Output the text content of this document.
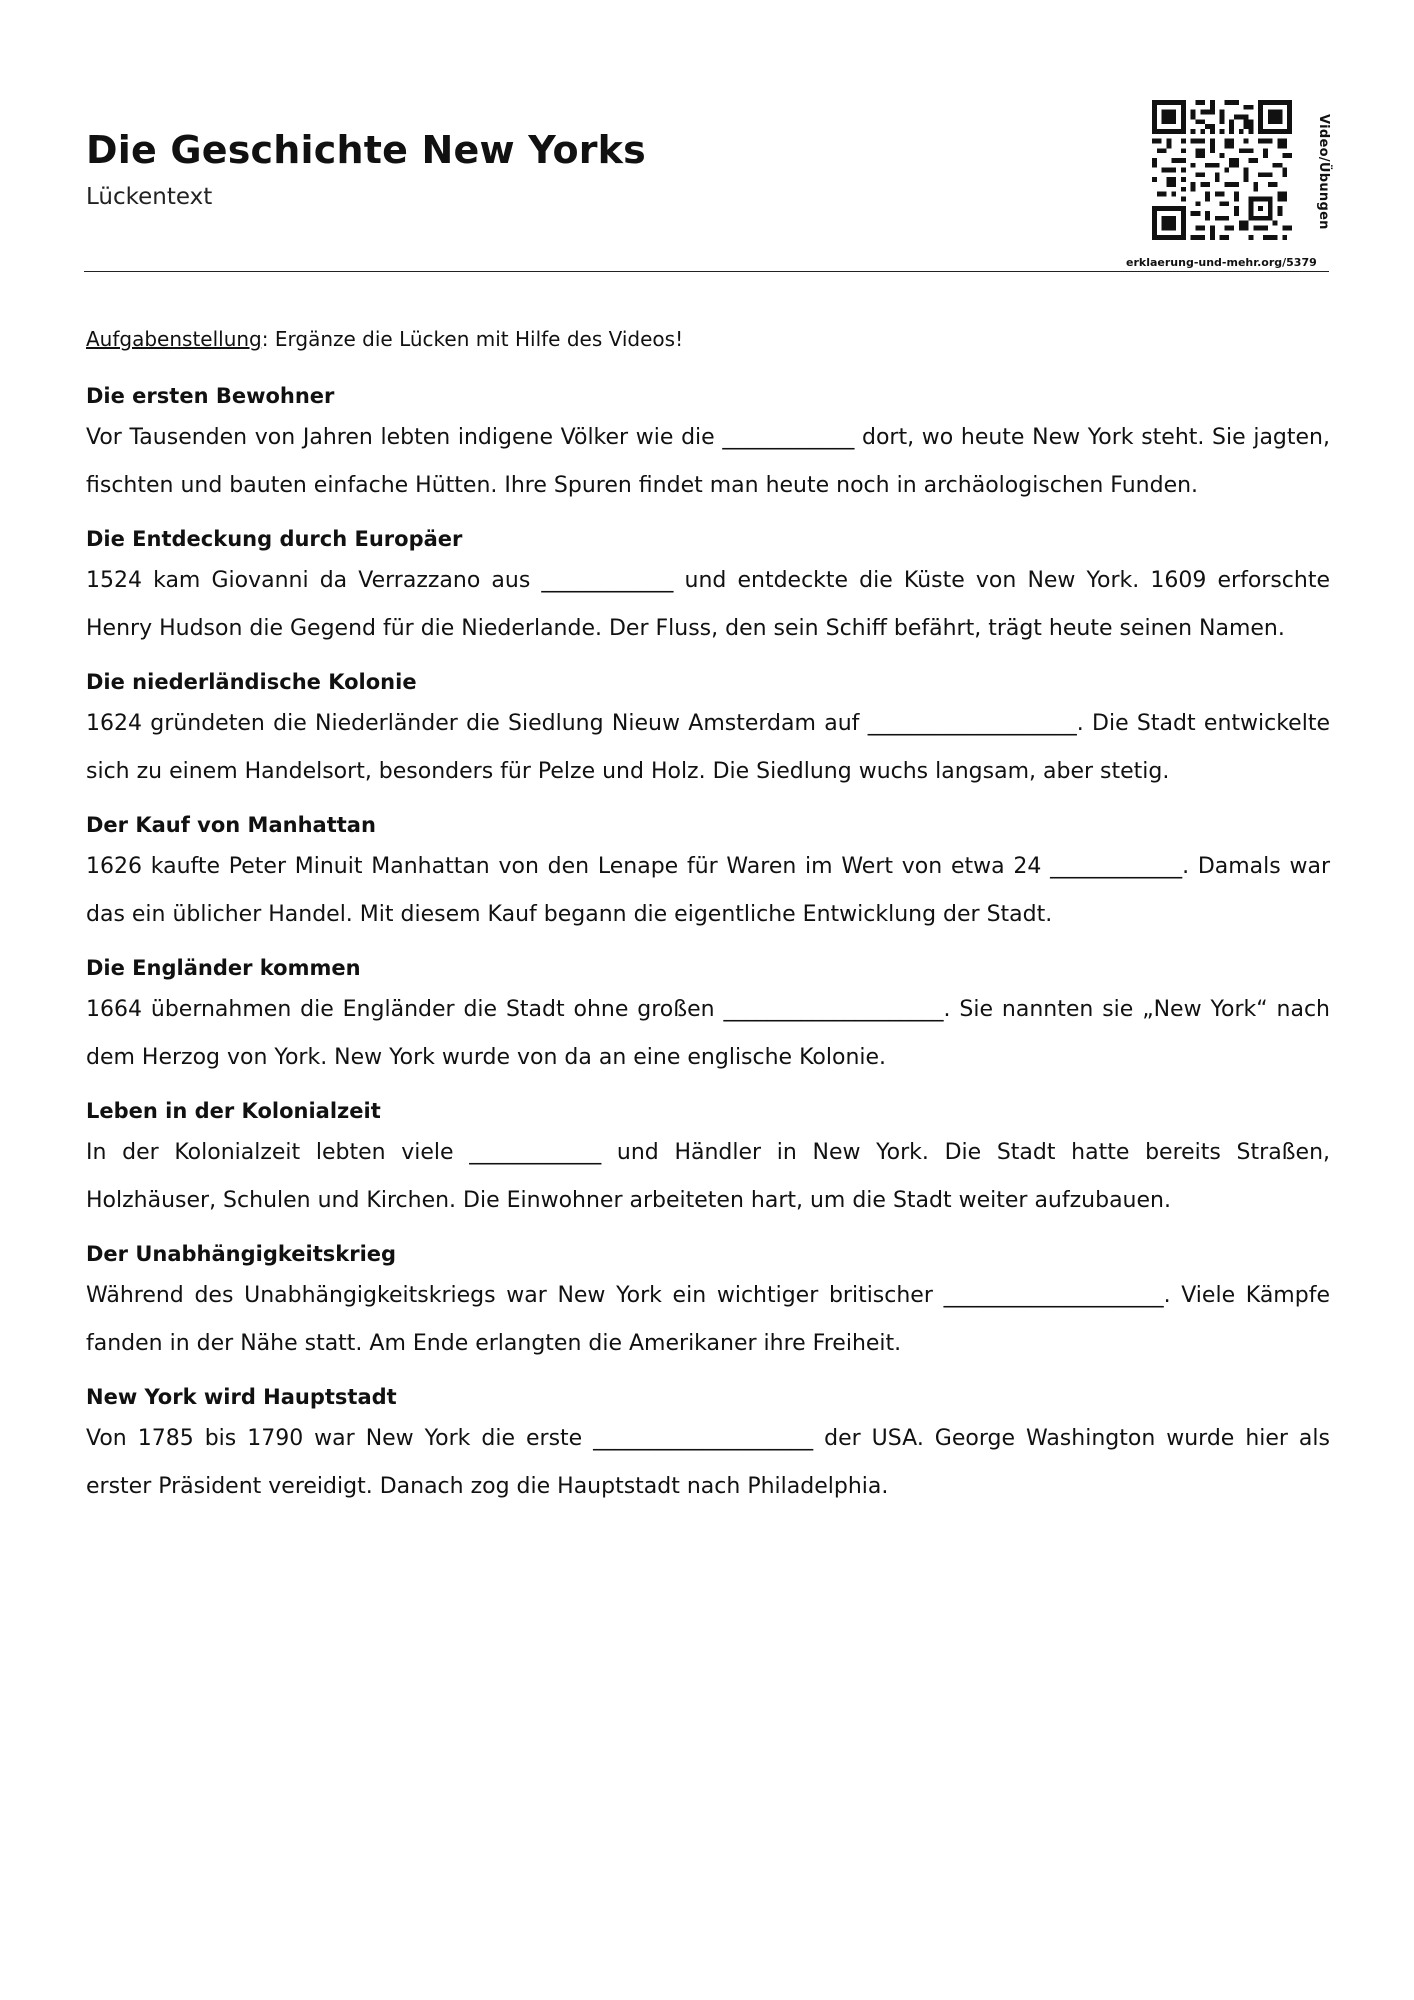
Die Geschichte New Yorks
Lückentext	Video/Übungen
erklaerung-und-mehr.org/5379

Aufgabenstellung: Ergänze die Lücken mit Hilfe des Videos!

Die ersten Bewohner

Vor Tausenden von Jahren lebten indigene Völker wie die ____________ dort, wo heute New York steht. Sie jagten, fischten und bauten einfache Hütten. Ihre Spuren findet man heute noch in archäologischen Funden.

Die Entdeckung durch Europäer

1524 kam Giovanni da Verrazzano aus ____________ und entdeckte die Küste von New York. 1609 erforschte Henry Hudson die Gegend für die Niederlande. Der Fluss, den sein Schiff befährt, trägt heute seinen Namen.

Die niederländische Kolonie

1624 gründeten die Niederländer die Siedlung Nieuw Amsterdam auf ___________________. Die Stadt entwickelte sich zu einem Handelsort, besonders für Pelze und Holz. Die Siedlung wuchs langsam, aber stetig.

Der Kauf von Manhattan

1626 kaufte Peter Minuit Manhattan von den Lenape für Waren im Wert von etwa 24 ____________. Damals war das ein üblicher Handel. Mit diesem Kauf begann die eigentliche Entwicklung der Stadt.

Die Engländer kommen

1664 übernahmen die Engländer die Stadt ohne großen ____________________. Sie nannten sie „New York“ nach dem Herzog von York. New York wurde von da an eine englische Kolonie.

Leben in der Kolonialzeit

In der Kolonialzeit lebten viele ____________ und Händler in New York. Die Stadt hatte bereits Straßen, Holzhäuser, Schulen und Kirchen. Die Einwohner arbeiteten hart, um die Stadt weiter aufzubauen.

Der Unabhängigkeitskrieg

Während des Unabhängigkeitskriegs war New York ein wichtiger britischer ____________________. Viele Kämpfe fanden in der Nähe statt. Am Ende erlangten die Amerikaner ihre Freiheit.

New York wird Hauptstadt

Von 1785 bis 1790 war New York die erste ____________________ der USA. George Washington wurde hier als erster Präsident vereidigt. Danach zog die Hauptstadt nach Philadelphia.
